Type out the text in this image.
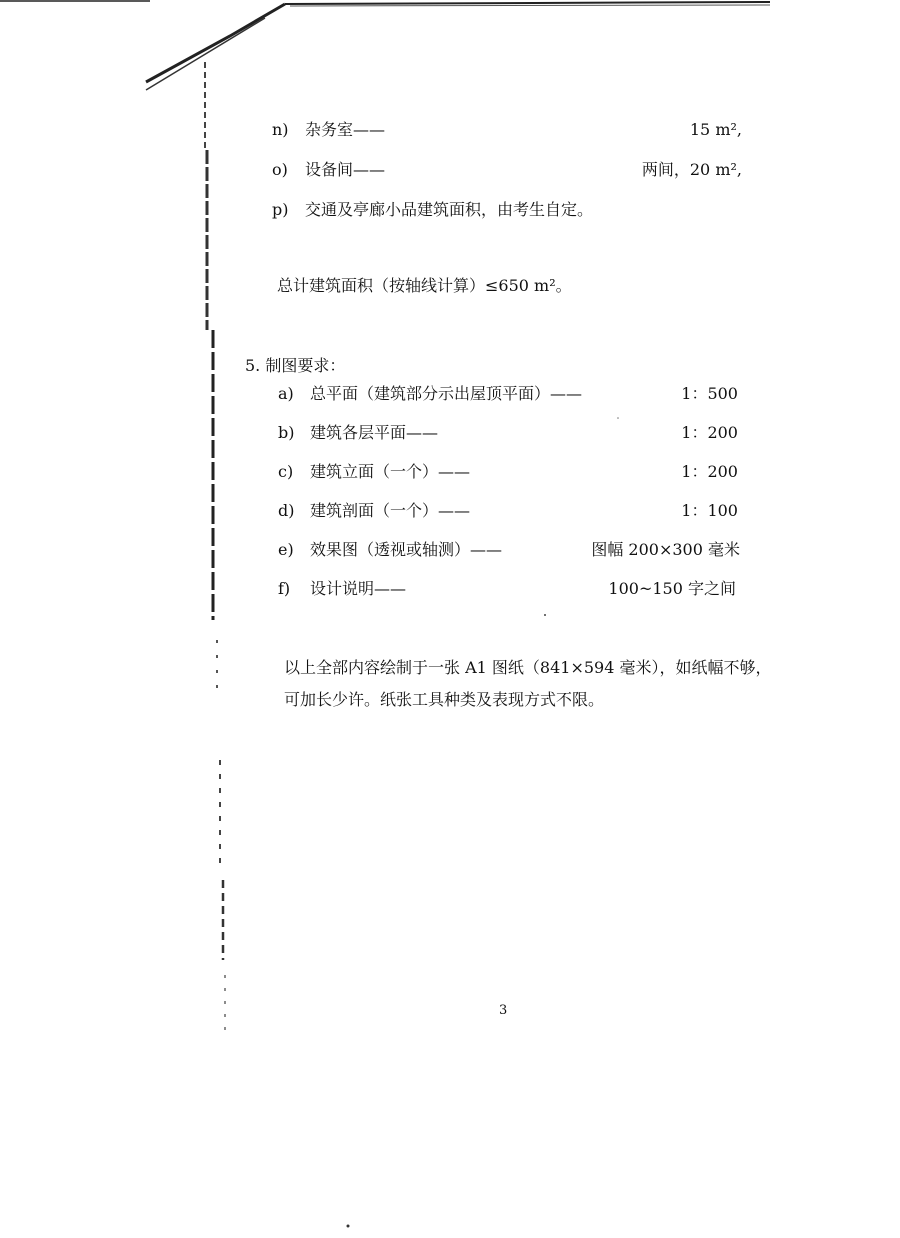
n) 杂务室——	15 m²,
o) 设备间——	两间，20 m²,
p) 交通及亭廊小品建筑面积，由考生自定。
总计建筑面积（按轴线计算）≤650 m²。
5. 制图要求：
a) 总平面（建筑部分示出屋顶平面）——	1：500
b) 建筑各层平面——	1：200
c) 建筑立面（一个）——	1：200
d) 建筑剖面（一个）——	1：100
e) 效果图（透视或轴测）——	图幅 200×300 毫米
f) 设计说明——	100~150 字之间
以上全部内容绘制于一张 A1 图纸（841×594 毫米），如纸幅不够，
可加长少许。纸张工具种类及表现方式不限。
3
